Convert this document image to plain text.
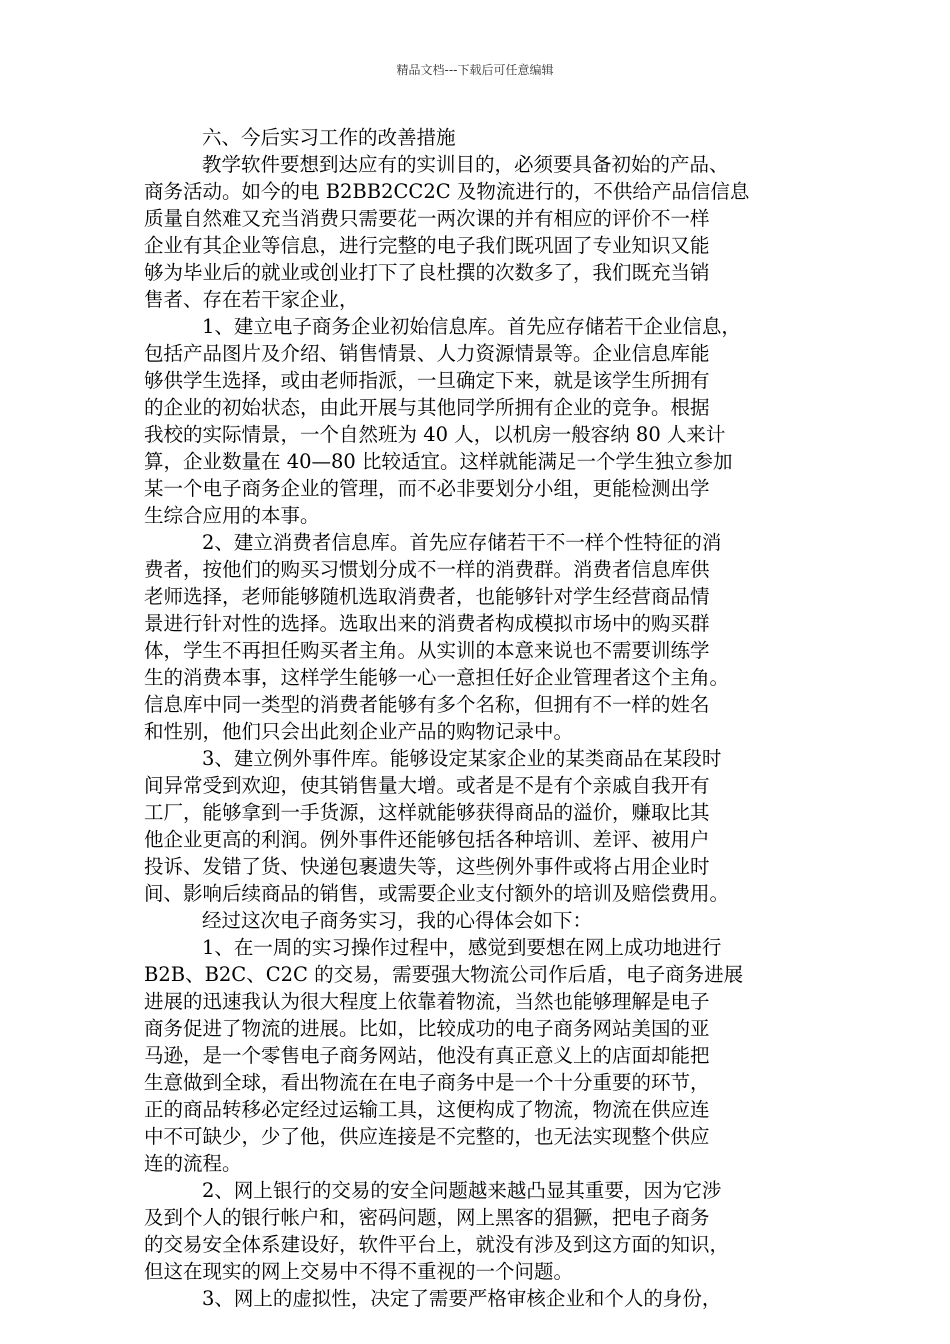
精品文档---下载后可任意编辑
六、今后实习工作的改善措施
教学软件要想到达应有的实训目的，必须要具备初始的产品、
商务活动。如今的电 B2BB2CC2C 及物流进行的，不供给产品信信息
质量自然难又充当消费只需要花一两次课的并有相应的评价不一样
企业有其企业等信息，进行完整的电子我们既巩固了专业知识又能
够为毕业后的就业或创业打下了良杜撰的次数多了，我们既充当销
售者、存在若干家企业，
1、建立电子商务企业初始信息库。首先应存储若干企业信息，
包括产品图片及介绍、销售情景、人力资源情景等。企业信息库能
够供学生选择，或由老师指派，一旦确定下来，就是该学生所拥有
的企业的初始状态，由此开展与其他同学所拥有企业的竞争。根据
我校的实际情景，一个自然班为 40 人，以机房一般容纳 80 人来计
算，企业数量在 40—80 比较适宜。这样就能满足一个学生独立参加
某一个电子商务企业的管理，而不必非要划分小组，更能检测出学
生综合应用的本事。
2、建立消费者信息库。首先应存储若干不一样个性特征的消
费者，按他们的购买习惯划分成不一样的消费群。消费者信息库供
老师选择，老师能够随机选取消费者，也能够针对学生经营商品情
景进行针对性的选择。选取出来的消费者构成模拟市场中的购买群
体，学生不再担任购买者主角。从实训的本意来说也不需要训练学
生的消费本事，这样学生能够一心一意担任好企业管理者这个主角。
信息库中同一类型的消费者能够有多个名称，但拥有不一样的姓名
和性别，他们只会出此刻企业产品的购物记录中。
3、建立例外事件库。能够设定某家企业的某类商品在某段时
间异常受到欢迎，使其销售量大增。或者是不是有个亲戚自我开有
工厂，能够拿到一手货源，这样就能够获得商品的溢价，赚取比其
他企业更高的利润。例外事件还能够包括各种培训、差评、被用户
投诉、发错了货、快递包裹遗失等，这些例外事件或将占用企业时
间、影响后续商品的销售，或需要企业支付额外的培训及赔偿费用。
经过这次电子商务实习，我的心得体会如下：
1、在一周的实习操作过程中，感觉到要想在网上成功地进行
B2B、B2C、C2C 的交易，需要强大物流公司作后盾，电子商务进展
进展的迅速我认为很大程度上依靠着物流，当然也能够理解是电子
商务促进了物流的进展。比如，比较成功的电子商务网站美国的亚
马逊，是一个零售电子商务网站，他没有真正意义上的店面却能把
生意做到全球，看出物流在在电子商务中是一个十分重要的环节，
正的商品转移必定经过运输工具，这便构成了物流，物流在供应连
中不可缺少，少了他，供应连接是不完整的，也无法实现整个供应
连的流程。
2、网上银行的交易的安全问题越来越凸显其重要，因为它涉
及到个人的银行帐户和，密码问题，网上黑客的猖獗，把电子商务
的交易安全体系建设好，软件平台上，就没有涉及到这方面的知识，
但这在现实的网上交易中不得不重视的一个问题。
3、网上的虚拟性，决定了需要严格审核企业和个人的身份，
